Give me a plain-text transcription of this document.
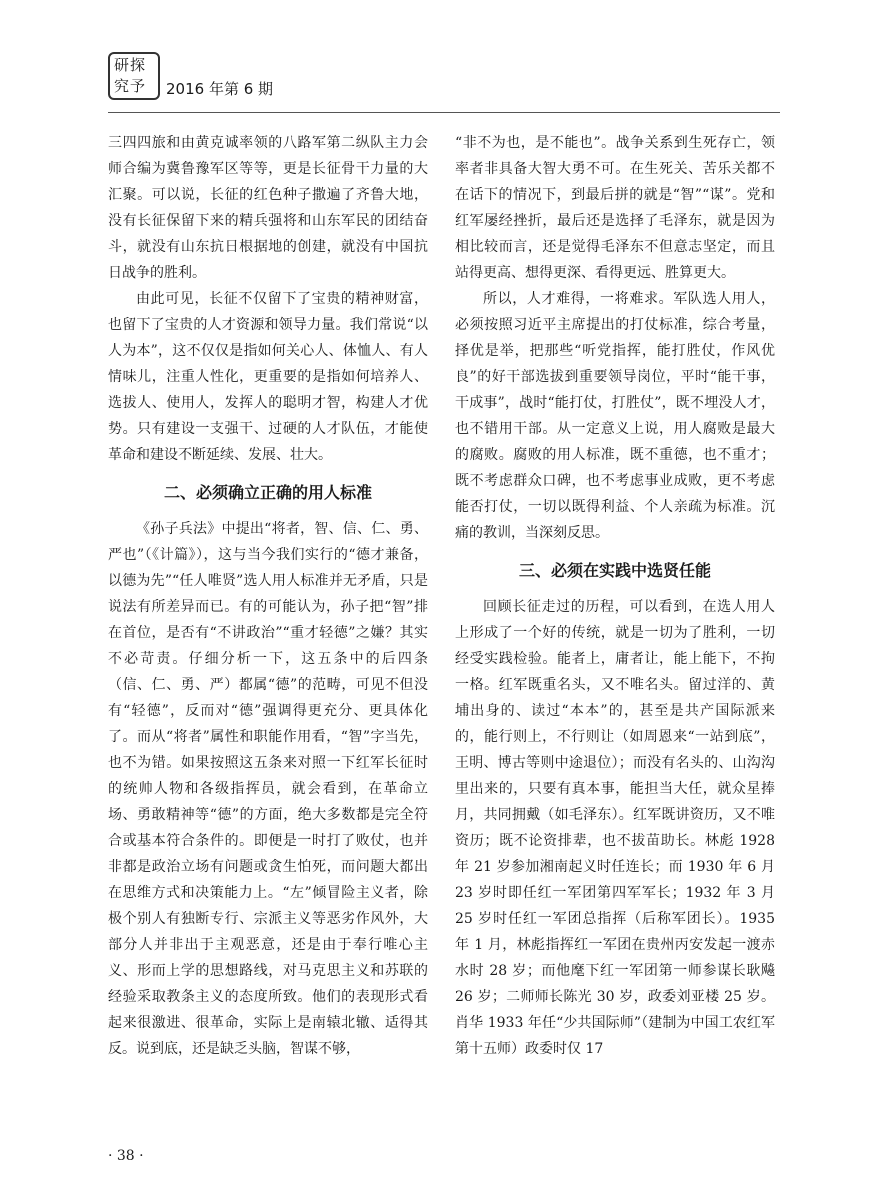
研探
究予 2016 年第 6 期

三四四旅和由黄克诚率领的八路军第二纵队主力会师合编为冀鲁豫军区等等，更是长征骨干力量的大汇聚。可以说，长征的红色种子撒遍了齐鲁大地，没有长征保留下来的精兵强将和山东军民的团结奋斗，就没有山东抗日根据地的创建，就没有中国抗日战争的胜利。

由此可见，长征不仅留下了宝贵的精神财富，也留下了宝贵的人才资源和领导力量。我们常说“以人为本”，这不仅仅是指如何关心人、体恤人、有人情味儿，注重人性化，更重要的是指如何培养人、选拔人、使用人，发挥人的聪明才智，构建人才优势。只有建设一支强干、过硬的人才队伍，才能使革命和建设不断延续、发展、壮大。

二、必须确立正确的用人标准

《孙子兵法》中提出“将者，智、信、仁、勇、严也”（《计篇》），这与当今我们实行的“德才兼备，以德为先”“任人唯贤”选人用人标准并无矛盾，只是说法有所差异而已。有的可能认为，孙子把“智”排在首位，是否有“不讲政治”“重才轻德”之嫌？其实不必苛责。仔细分析一下，这五条中的后四条（信、仁、勇、严）都属“德”的范畴，可见不但没有“轻德”，反而对“德”强调得更充分、更具体化了。而从“将者”属性和职能作用看，“智”字当先，也不为错。如果按照这五条来对照一下红军长征时的统帅人物和各级指挥员，就会看到，在革命立场、勇敢精神等“德”的方面，绝大多数都是完全符合或基本符合条件的。即便是一时打了败仗，也并非都是政治立场有问题或贪生怕死，而问题大都出在思维方式和决策能力上。“左”倾冒险主义者，除极个别人有独断专行、宗派主义等恶劣作风外，大部分人并非出于主观恶意，还是由于奉行唯心主义、形而上学的思想路线，对马克思主义和苏联的经验采取教条主义的态度所致。他们的表现形式看起来很激进、很革命，实际上是南辕北辙、适得其反。说到底，还是缺乏头脑，智谋不够，

“非不为也，是不能也”。战争关系到生死存亡，领率者非具备大智大勇不可。在生死关、苦乐关都不在话下的情况下，到最后拼的就是“智”“谋”。党和红军屡经挫折，最后还是选择了毛泽东，就是因为相比较而言，还是觉得毛泽东不但意志坚定，而且站得更高、想得更深、看得更远、胜算更大。

所以，人才难得，一将难求。军队选人用人，必须按照习近平主席提出的打仗标准，综合考量，择优是举，把那些“听党指挥，能打胜仗，作风优良”的好干部选拔到重要领导岗位，平时“能干事，干成事”，战时“能打仗，打胜仗”，既不埋没人才，也不错用干部。从一定意义上说，用人腐败是最大的腐败。腐败的用人标准，既不重德，也不重才；既不考虑群众口碑，也不考虑事业成败，更不考虑能否打仗，一切以既得利益、个人亲疏为标准。沉痛的教训，当深刻反思。

三、必须在实践中选贤任能

回顾长征走过的历程，可以看到，在选人用人上形成了一个好的传统，就是一切为了胜利，一切经受实践检验。能者上，庸者让，能上能下，不拘一格。红军既重名头，又不唯名头。留过洋的、黄埔出身的、读过“本本”的，甚至是共产国际派来的，能行则上，不行则让（如周恩来“一站到底”，王明、博古等则中途退位）；而没有名头的、山沟沟里出来的，只要有真本事，能担当大任，就众星捧月，共同拥戴（如毛泽东）。红军既讲资历，又不唯资历；既不论资排辈，也不拔苗助长。林彪 1928 年 21 岁参加湘南起义时任连长；而 1930 年 6 月 23 岁时即任红一军团第四军军长；1932 年 3 月 25 岁时任红一军团总指挥（后称军团长）。1935 年 1 月，林彪指挥红一军团在贵州丙安发起一渡赤水时 28 岁；而他麾下红一军团第一师参谋长耿飚 26 岁；二师师长陈光 30 岁，政委刘亚楼 25 岁。肖华 1933 年任“少共国际师”（建制为中国工农红军第十五师）政委时仅 17

· 38 ·
